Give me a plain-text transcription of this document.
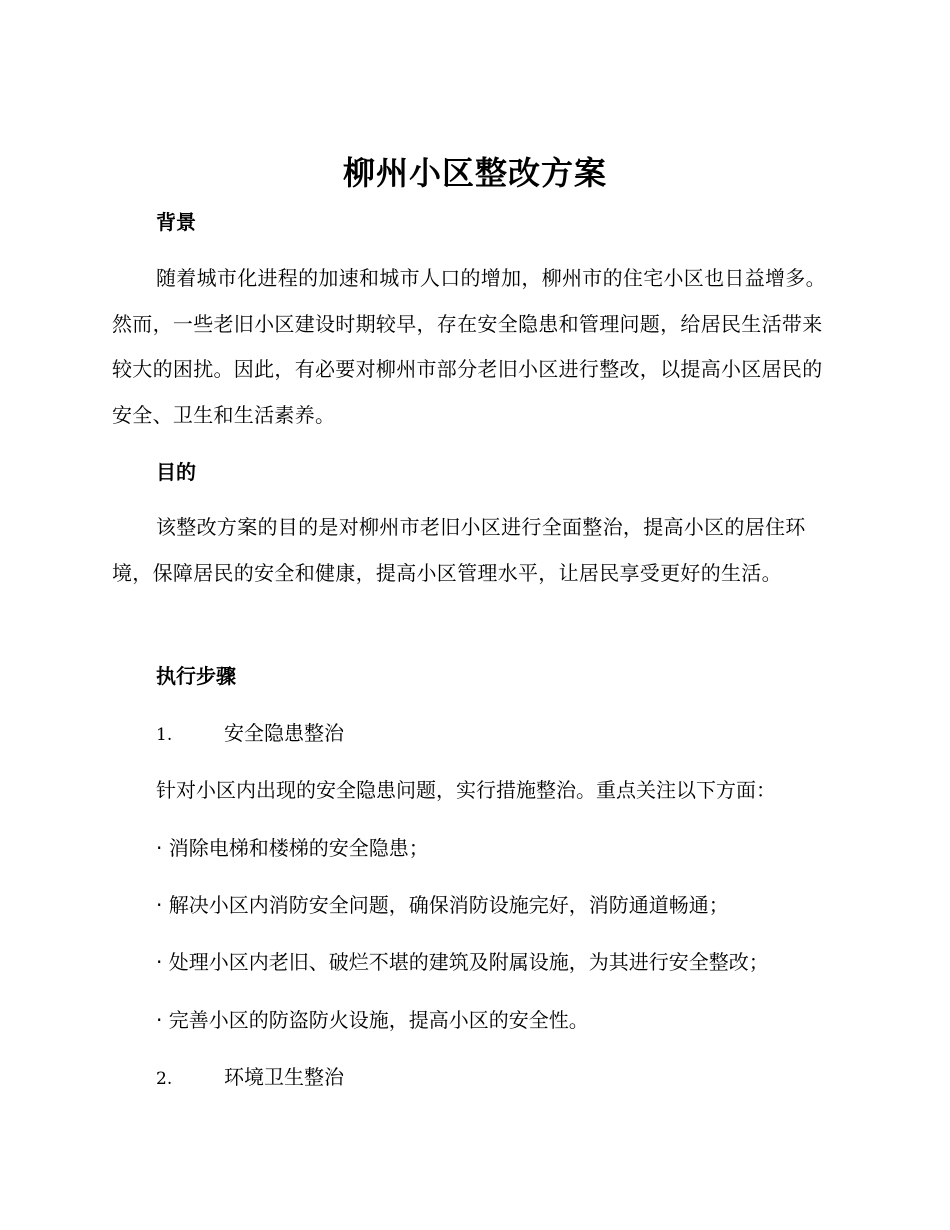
柳州小区整改方案
背景
随着城市化进程的加速和城市人口的增加，柳州市的住宅小区也日益增多。然而，一些老旧小区建设时期较早，存在安全隐患和管理问题，给居民生活带来较大的困扰。因此，有必要对柳州市部分老旧小区进行整改，以提高小区居民的安全、卫生和生活素养。
目的
该整改方案的目的是对柳州市老旧小区进行全面整治，提高小区的居住环境，保障居民的安全和健康，提高小区管理水平，让居民享受更好的生活。
执行步骤
1.	安全隐患整治
针对小区内出现的安全隐患问题，实行措施整治。重点关注以下方面：
· 消除电梯和楼梯的安全隐患；
· 解决小区内消防安全问题，确保消防设施完好，消防通道畅通；
· 处理小区内老旧、破烂不堪的建筑及附属设施，为其进行安全整改；
· 完善小区的防盗防火设施，提高小区的安全性。
2.	环境卫生整治
